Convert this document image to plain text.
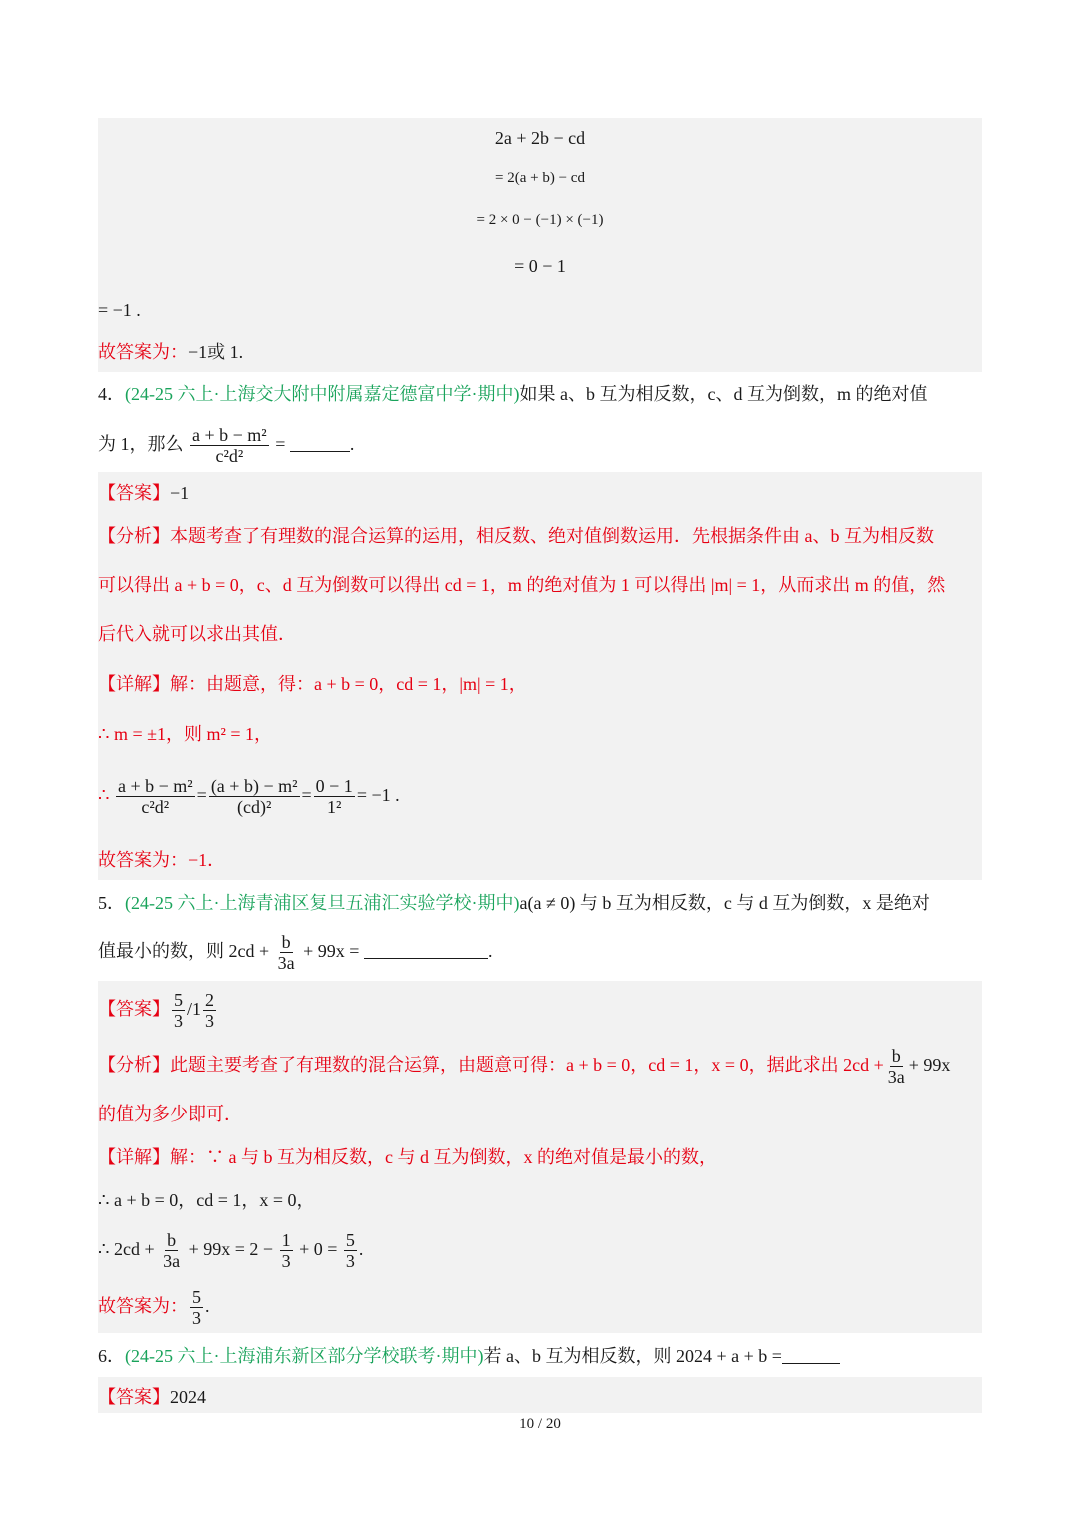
2a + 2b − cd
= 2(a + b) − cd
= 2 × 0 − (−1) × (−1)
= 0 − 1
= −1 .
故答案为：−1或 1.
4．(24-25 六上·上海交大附中附属嘉定德富中学·期中)如果 a、b 互为相反数，c、d 互为倒数，m 的绝对值
为 1，那么 $\frac{\text{a + b − m²}}{\text{c²d²}}$ =	.
【答案】−1
【分析】本题考查了有理数的混合运算的运用，相反数、绝对值倒数运用．先根据条件由 a、b 互为相反数
可以得出 a + b = 0，c、d 互为倒数可以得出 cd = 1，m 的绝对值为 1 可以得出 |m| = 1，从而求出 m 的值，然
后代入就可以求出其值．
【详解】解：由题意，得：a + b = 0，cd = 1，|m| = 1，
∴ m = ±1，则 m² = 1，
∴ $\frac{\text{a + b − m²}}{\text{c²d²}} = \frac{\text{(a + b) − m²}}{\text{(cd)²}} = \frac{0 - 1}{\text{1²}} = -1$ .
故答案为：−1．
5．(24-25 六上·上海青浦区复旦五浦汇实验学校·期中)a(a ≠ 0) 与 b 互为相反数，c 与 d 互为倒数，x 是绝对
值最小的数，则 $2cd + \frac{b}{3a} + 99x$ =	.
【答案】 $\frac{5}{3} /1 \frac{2}{3}$
【分析】此题主要考查了有理数的混合运算，由题意可得：a + b = 0，cd = 1，x = 0，据此求出 $2cd + \frac{b}{3a} + 99x$
的值为多少即可．
【详解】解：∵ a 与 b 互为相反数，c 与 d 互为倒数，x 的绝对值是最小的数，
∴ a + b = 0，cd = 1，x = 0，
∴ $2cd + \frac{b}{3a} + 99x = 2 - \frac{1}{3} + 0 = \frac{5}{3}$ .
故答案为： $\frac{5}{3}$ .
6．(24-25 六上·上海浦东新区部分学校联考·期中)若 a、b 互为相反数，则 2024 + a + b =
【答案】2024
10 / 20
